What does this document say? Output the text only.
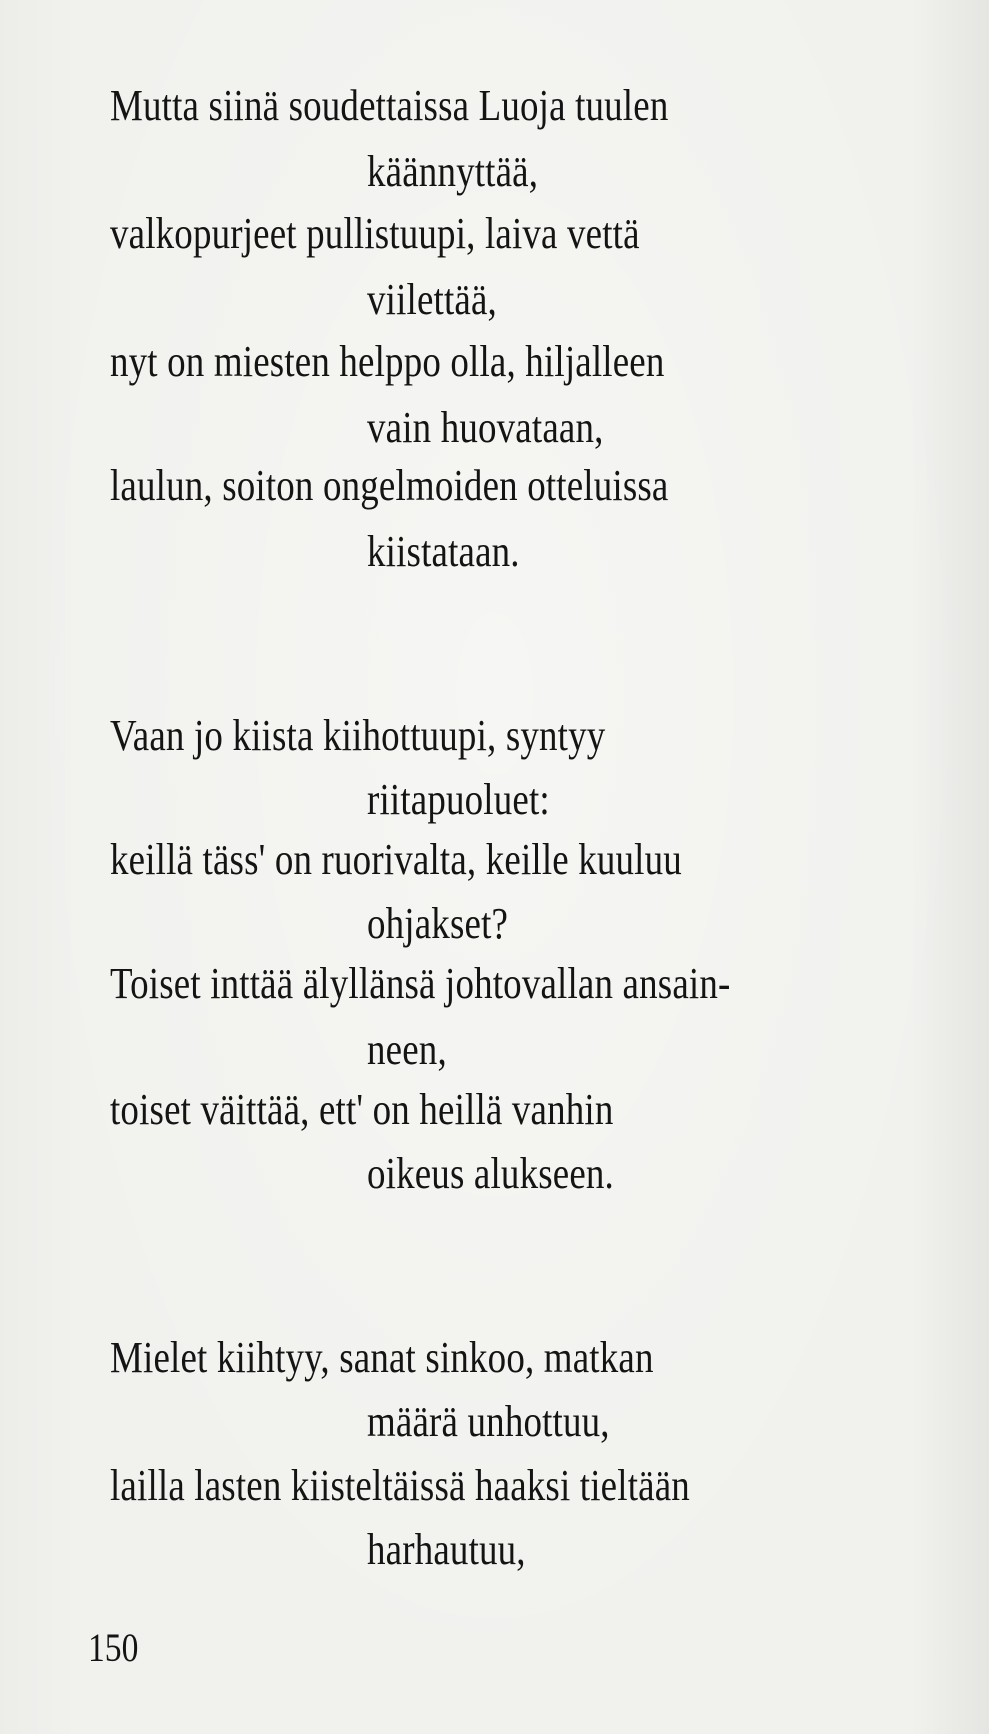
Mutta siinä soudettaissa Luoja tuulen
käännyttää,
valkopurjeet pullistuupi, laiva vettä
viilettää,
nyt on miesten helppo olla, hiljalleen
vain huovataan,
laulun, soiton ongelmoiden otteluissa
kiistataan.
Vaan jo kiista kiihottuupi, syntyy
riitapuoluet:
keillä täss' on ruorivalta, keille kuuluu
ohjakset?
Toiset inttää älyllänsä johtovallan ansain-
neen,
toiset väittää, ett' on heillä vanhin
oikeus alukseen.
Mielet kiihtyy, sanat sinkoo, matkan
määrä unhottuu,
lailla lasten kiisteltäissä haaksi tieltään
harhautuu,
150
